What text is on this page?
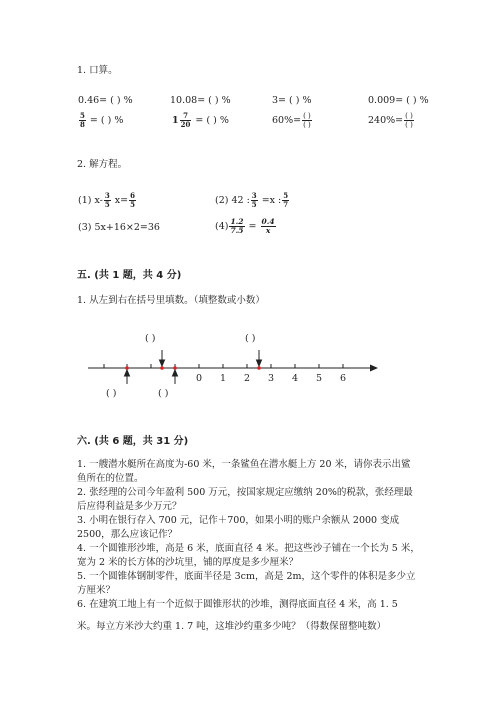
1. 口算。
0.46= ( ) %	10.08= ( ) %	3= ( ) %	0.009= ( ) %
$\frac{5}{8}$ = ( ) %	$1 \frac{7}{20}$ = ( ) %	$60\%= \frac{( )}{( )}$	$240\%= \frac{( )}{( )}$
2. 解方程。
(1) $x- \frac{3}{5} x= \frac{6}{5}$	(2) 42 : $\frac{3}{5} =x$ : $\frac{5}{7}$
(3) 5x+16×2=36	$(4) \frac{1.2}{7.5} = \frac{0.4}{x}$
五. (共 1 题，共 4 分)
1. 从左到右在括号里填数。（填整数或小数）
( )	( )
( )	( )
0 1 2 3 4 5 6
六. (共 6 题，共 31 分)
1. 一艘潜水艇所在高度为-60 米，一条鲨鱼在潜水艇上方 20 米，请你表示出鲨
鱼所在的位置。
2. 张经理的公司今年盈利 500 万元，按国家规定应缴纳 20%的税款，张经理最
后应得利益是多少万元？
3. 小明在银行存入 700 元，记作＋700，如果小明的账户余额从 2000 变成
2500，那么应该记作？
4. 一个圆锥形沙堆，高是 6 米，底面直径 4 米。把这些沙子铺在一个长为 5 米，
宽为 2 米的长方体的沙坑里，铺的厚度是多少厘米？
5. 一个圆锥体钢制零件，底面半径是 3cm，高是 2m，这个零件的体积是多少立
方厘米？
6. 在建筑工地上有一个近似于圆锥形状的沙堆，测得底面直径 4 米，高 1. 5
米。每立方米沙大约重 1. 7 吨，这堆沙约重多少吨？（得数保留整吨数）
